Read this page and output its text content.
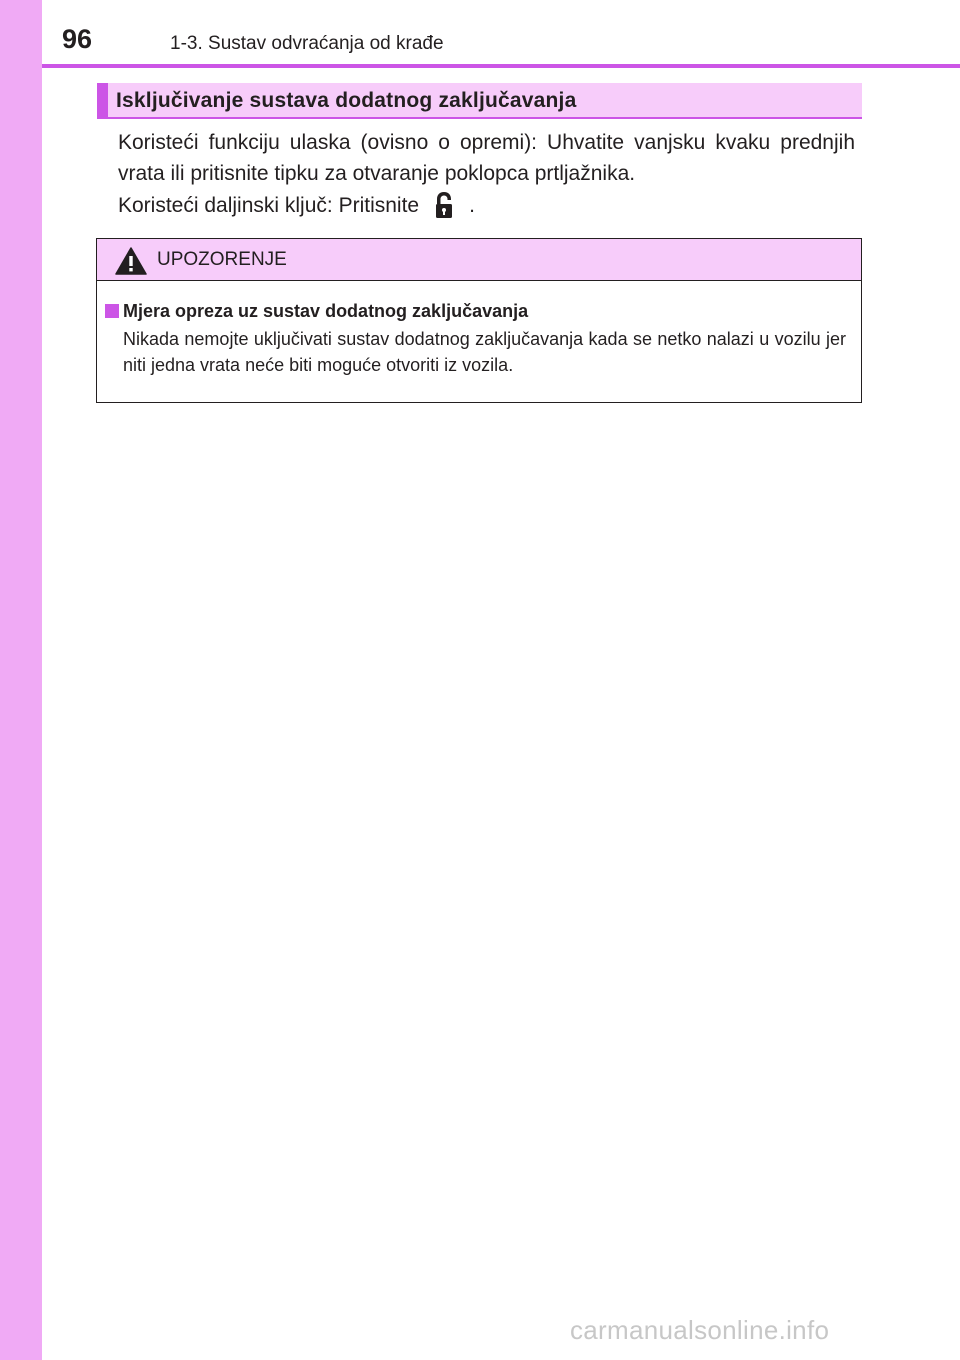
96	1-3. Sustav odvraćanja od krađe
Isključivanje sustava dodatnog zaključavanja
Koristeći funkciju ulaska (ovisno o opremi): Uhvatite vanjsku kvaku prednjih vrata ili pritisnite tipku za otvaranje poklopca prtljažnika.
Koristeći daljinski ključ: Pritisnite .
UPOZORENJE
Mjera opreza uz sustav dodatnog zaključavanja
Nikada nemojte uključivati sustav dodatnog zaključavanja kada se netko nalazi u vozilu jer niti jedna vrata neće biti moguće otvoriti iz vozila.
carmanualsonline.info
